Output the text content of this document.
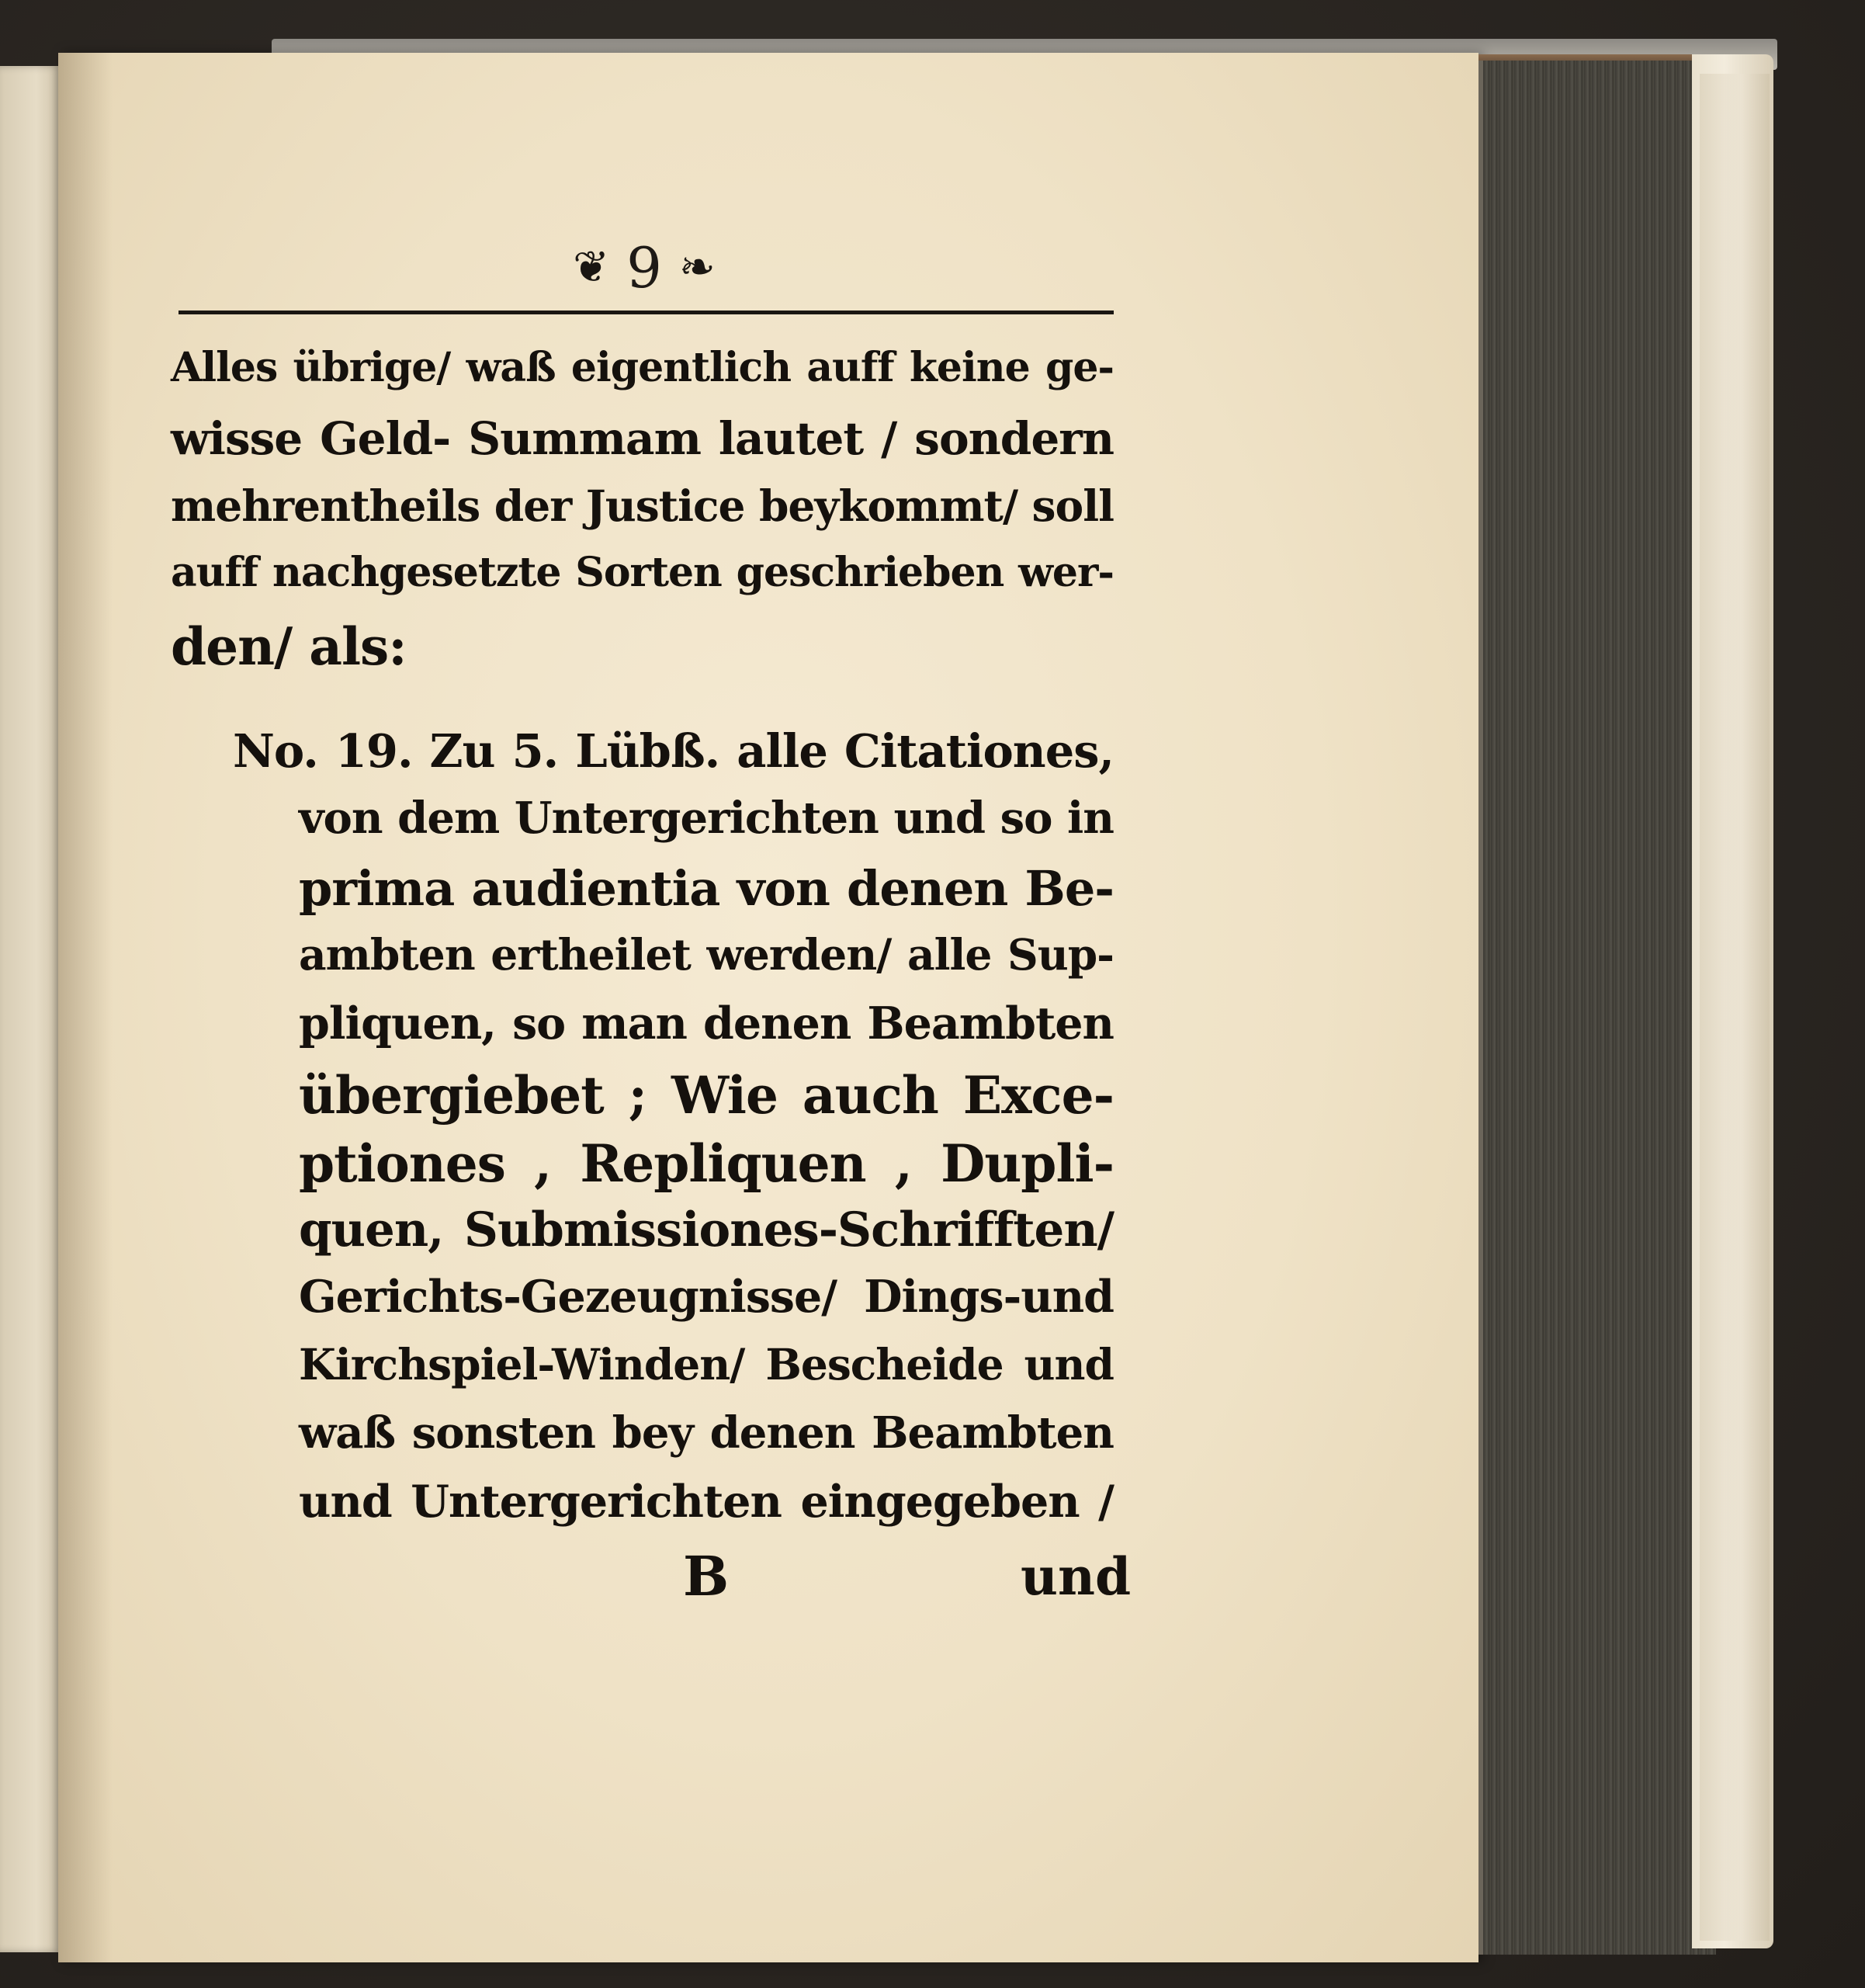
❦ 9 ❧
Alles übrige/ waß eigentlich auff keine ge-
wisse Geld- Summam lautet / sondern
mehrentheils der Justice beykommt/ soll
auff nachgesetzte Sorten geschrieben wer-
den/ als:
No. 19. Zu 5. Lübß. alle Citationes,
von dem Untergerichten und so in
prima audientia von denen Be-
ambten ertheilet werden/ alle Sup-
pliquen, so man denen Beambten
übergiebet ; Wie auch Exce-
ptiones , Repliquen , Dupli-
quen, Submissiones-Schrifften/
Gerichts-Gezeugnisse/ Dings-und
Kirchspiel-Winden/ Bescheide und
waß sonsten bey denen Beambten
und Untergerichten eingegeben /
B	und
